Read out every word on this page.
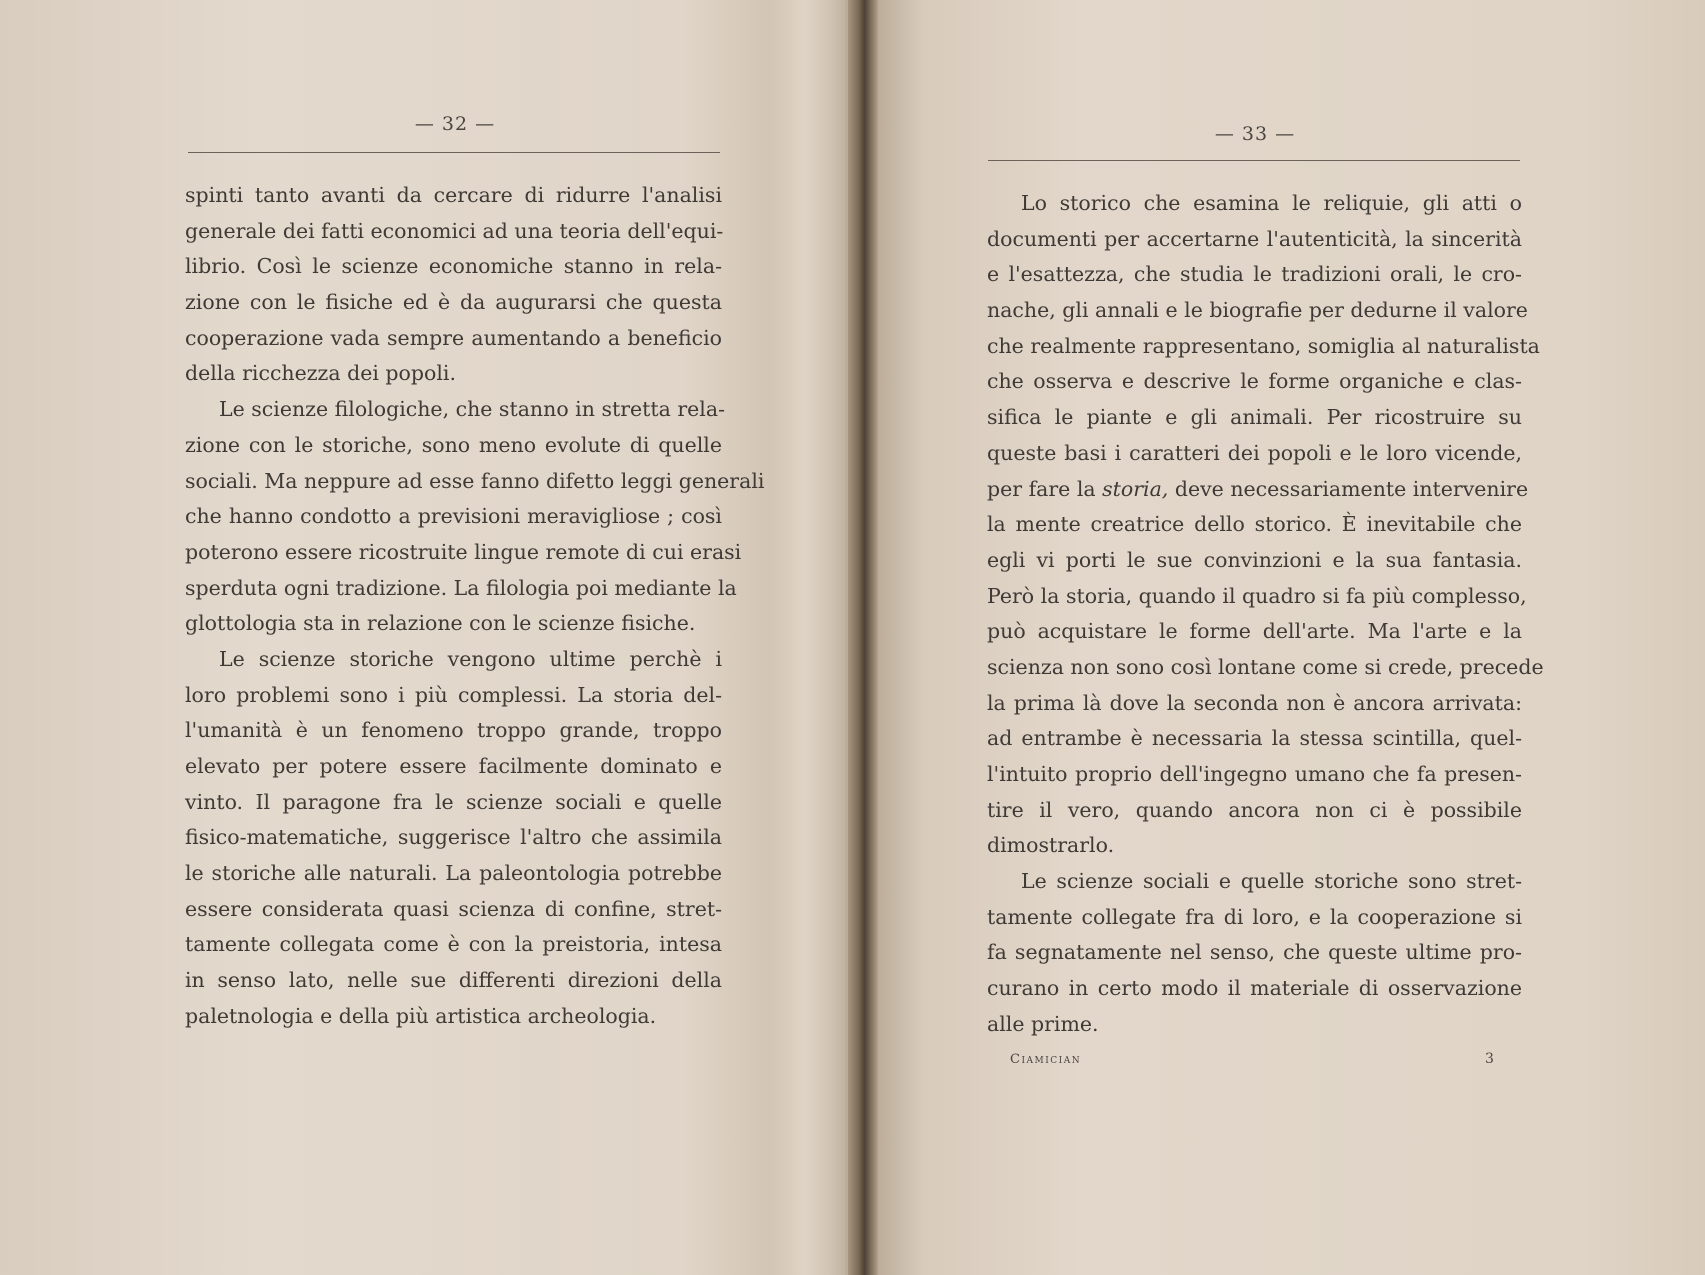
— 32 —
spinti tanto avanti da cercare di ridurre l'analisi
generale dei fatti economici ad una teoria dell'equi-
librio. Così le scienze economiche stanno in rela-
zione con le fisiche ed è da augurarsi che questa
cooperazione vada sempre aumentando a beneficio
della ricchezza dei popoli.
Le scienze filologiche, che stanno in stretta rela-
zione con le storiche, sono meno evolute di quelle
sociali. Ma neppure ad esse fanno difetto leggi generali
che hanno condotto a previsioni meravigliose ; così
poterono essere ricostruite lingue remote di cui erasi
sperduta ogni tradizione. La filologia poi mediante la
glottologia sta in relazione con le scienze fisiche.
Le scienze storiche vengono ultime perchè i
loro problemi sono i più complessi. La storia del-
l'umanità è un fenomeno troppo grande, troppo
elevato per potere essere facilmente dominato e
vinto. Il paragone fra le scienze sociali e quelle
fisico-matematiche, suggerisce l'altro che assimila
le storiche alle naturali. La paleontologia potrebbe
essere considerata quasi scienza di confine, stret-
tamente collegata come è con la preistoria, intesa
in senso lato, nelle sue differenti direzioni della
paletnologia e della più artistica archeologia.
— 33 —
Lo storico che esamina le reliquie, gli atti o
documenti per accertarne l'autenticità, la sincerità
e l'esattezza, che studia le tradizioni orali, le cro-
nache, gli annali e le biografie per dedurne il valore
che realmente rappresentano, somiglia al naturalista
che osserva e descrive le forme organiche e clas-
sifica le piante e gli animali. Per ricostruire su
queste basi i caratteri dei popoli e le loro vicende,
per fare la storia, deve necessariamente intervenire
la mente creatrice dello storico. È inevitabile che
egli vi porti le sue convinzioni e la sua fantasia.
Però la storia, quando il quadro si fa più complesso,
può acquistare le forme dell'arte. Ma l'arte e la
scienza non sono così lontane come si crede, precede
la prima là dove la seconda non è ancora arrivata:
ad entrambe è necessaria la stessa scintilla, quel-
l'intuito proprio dell'ingegno umano che fa presen-
tire il vero, quando ancora non ci è possibile
dimostrarlo.
Le scienze sociali e quelle storiche sono stret-
tamente collegate fra di loro, e la cooperazione si
fa segnatamente nel senso, che queste ultime pro-
curano in certo modo il materiale di osservazione
alle prime.
Ciamician	3
